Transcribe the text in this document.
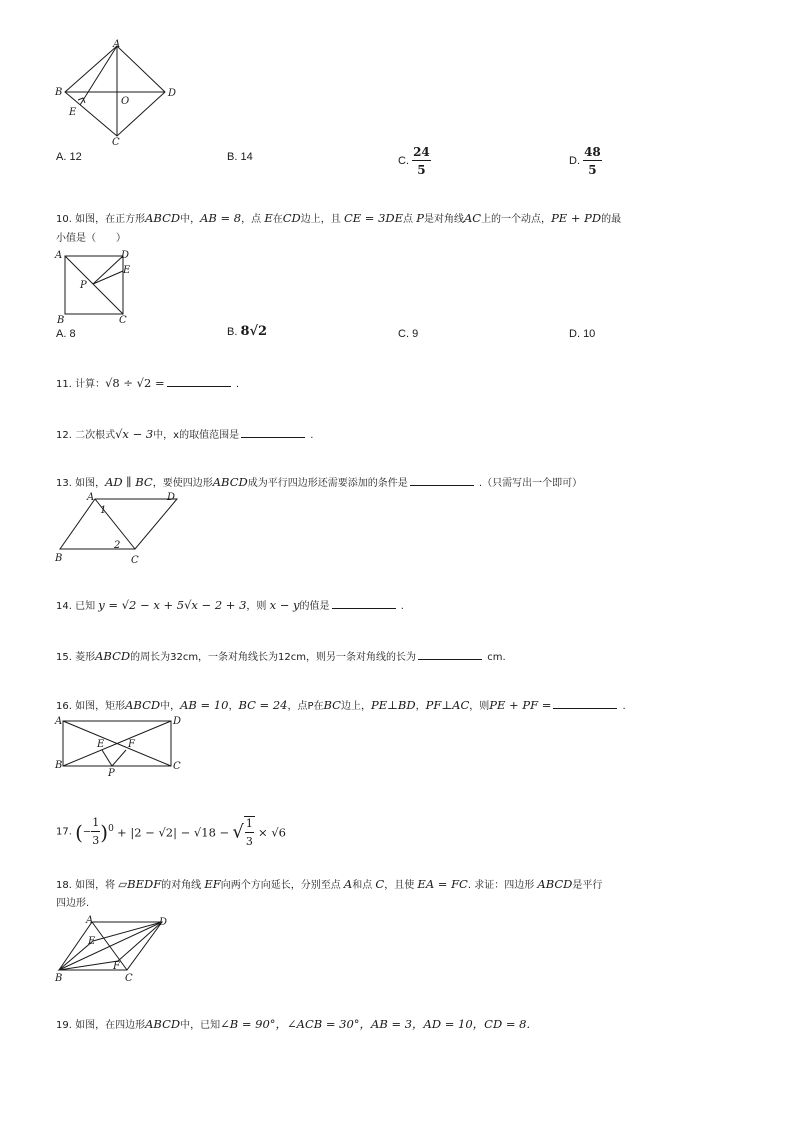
A
B
C
D
E
O
A. 12	B. 14	C. $\frac{24}{5}$	D. $\frac{48}{5}$
10. 如图，在正方形ABCD中，AB = 8，点 E在CD边上，且 CE = 3DE点 P是对角线AC上的一个动点，PE + PD的最
小值是（　　）
A	D
E
P
B	C
A. 8	B. 8√2	C. 9	D. 10
11. 计算：√8 ÷ √2 =	.
12. 二次根式√x − 3中，x的取值范围是	.
13. 如图，AD ∥ BC，要使四边形ABCD成为平行四边形还需要添加的条件是	.（只需写出一个即可）
A	D
B	C
1
2
14. 已知 y = √2 − x + 5√x − 2 + 3，则 x − y的值是	.
15. 菱形ABCD的周长为32cm，一条对角线长为12cm，则另一条对角线的长为	cm.
16. 如图，矩形ABCD中，AB = 10，BC = 24，点P在BC边上，PE⊥BD，PF⊥AC，则PE + PF =	.
A	D
B	C
E F
P
17. (− $\frac{1}{3} )^0 + |2 - √2| - √18$ − √ $\frac{1}{3} \times √6$
18. 如图，将 ▱BEDF的对角线 EF向两个方向延长，分别至点 A和点 C，且使 EA = FC. 求证：四边形 ABCD是平行
四边形.
A	D
E
F
B	C
19. 如图，在四边形ABCD中，已知∠B = 90°，∠ACB = 30°，AB = 3，AD = 10，CD = 8.
